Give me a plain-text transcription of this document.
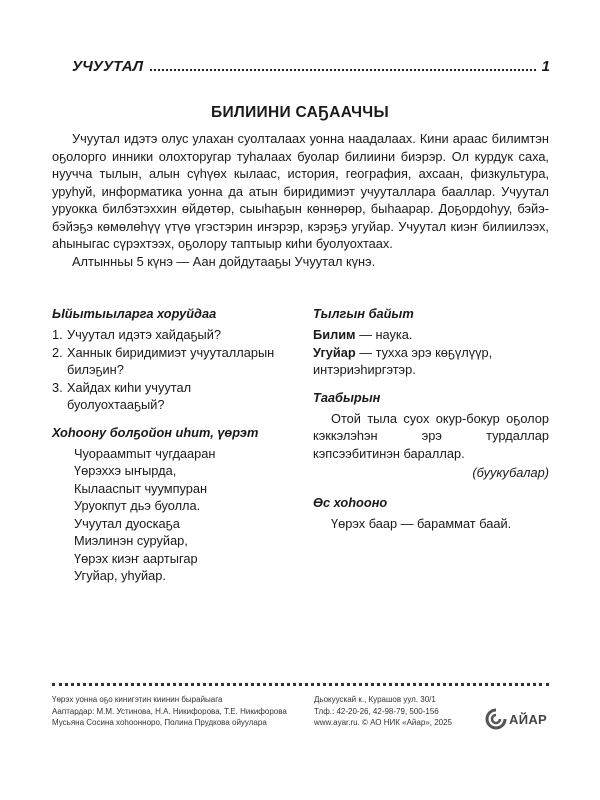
УЧУУТАЛ	1
БИЛИИНИ САҔААЧЧЫ

Учуутал идэтэ олус улахан суолталаах уонна наадалаах. Кини араас билимтэн оҕолорго инники олохторугар туһалаах буолар билиини биэрэр. Ол курдук саха, нуучча тылын, алын сүһүөх кылаас, история, география, ахсаан, физкультура, уруһуй, информатика уонна да атын биридимиэт учууталлара бааллар. Учуутал уруокка билбэтэххин өйдөтөр, сыыһаҕын көннөрөр, быһаарар. Доҕордоһуу, бэйэ-бэйэҕэ көмөлөһүү үтүө үгэстэрин иҥэрэр, кэрэҕэ угуйар. Учуутал киэҥ билиилээх, аһыныгас сүрэхтээх, оҕолору таптыыр киһи буолуохтаах.

Алтынньы 5 күнэ — Аан дойдутааҕы Учуутал күнэ.

Ыйытыыларга хоруйдаа
1. Учуутал идэтэ хайдаҕый?
2. Ханнык биридимиэт учууталларын билэҕин?
3. Хайдах киһи учуутал буолуохтааҕый?
Хоһоону болҕойон иһит, үөрэт
Чуораамmыт чугдааран
Үөрэххэ ыҥырда,
Кылаасnыт чуумпуран
Уруокпут дьэ буолла.
Учуутал дуоскаҕа
Миэлинэн суруйар,
Үөрэх киэҥ аартыгар
Угуйар, уһуйар.
Тылгын байыт
Билим — наука.
Угуйар — тухха эрэ көҕүлүүр, интэриэһиргэтэр.
Таабырын

Отой тыла суох окур-бокур оҕолор кэккэлэһэн эрэ турдаллар кэпсээбитинэн бараллар.

(буукубалар)
Өс хоһооно

Үөрэх баар — бараммат баай.

Үөрэх уонна оҕо кинигэтин киинин бырайыага
Ааптардар: М.М. Устинова, Н.А. Никифорова, Т.Е. Никифорова
Мусьяна Сосина хоһоонноро, Полина Прудкова ойуулара
Дьокуускай к., Курашов уул. 30/1
Тлф.: 42-20-26, 42-98-79, 500-156
www.ayar.ru. © АО НИК «Айар», 2025	АЙАР
